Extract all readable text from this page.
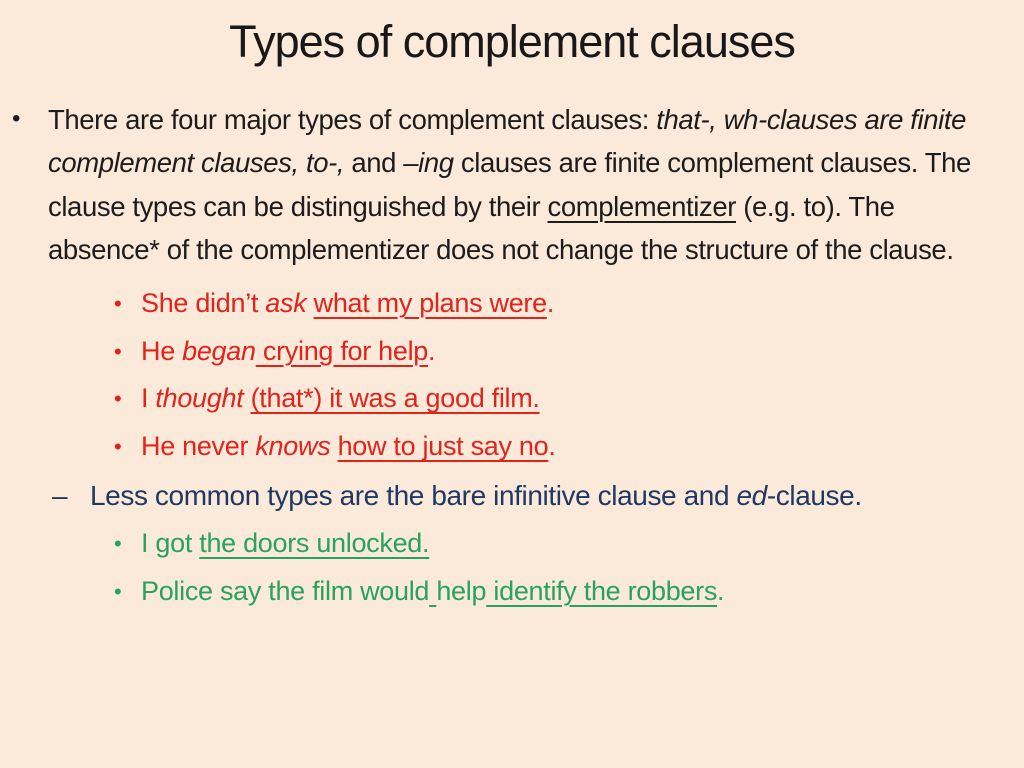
Types of complement clauses
•	There are four major types of complement clauses: that-, wh-clauses are finite complement clauses, to-, and –ing clauses are finite complement clauses. The clause types can be distinguished by their complementizer (e.g. to). The absence* of the complementizer does not change the structure of the clause.
• She didn’t ask what my plans were.
• He began crying for help.
• I thought (that*) it was a good film.
• He never knows how to just say no.
– Less common types are the bare infinitive clause and ed-clause.
• I got the doors unlocked.
• Police say the film would help identify the robbers.
